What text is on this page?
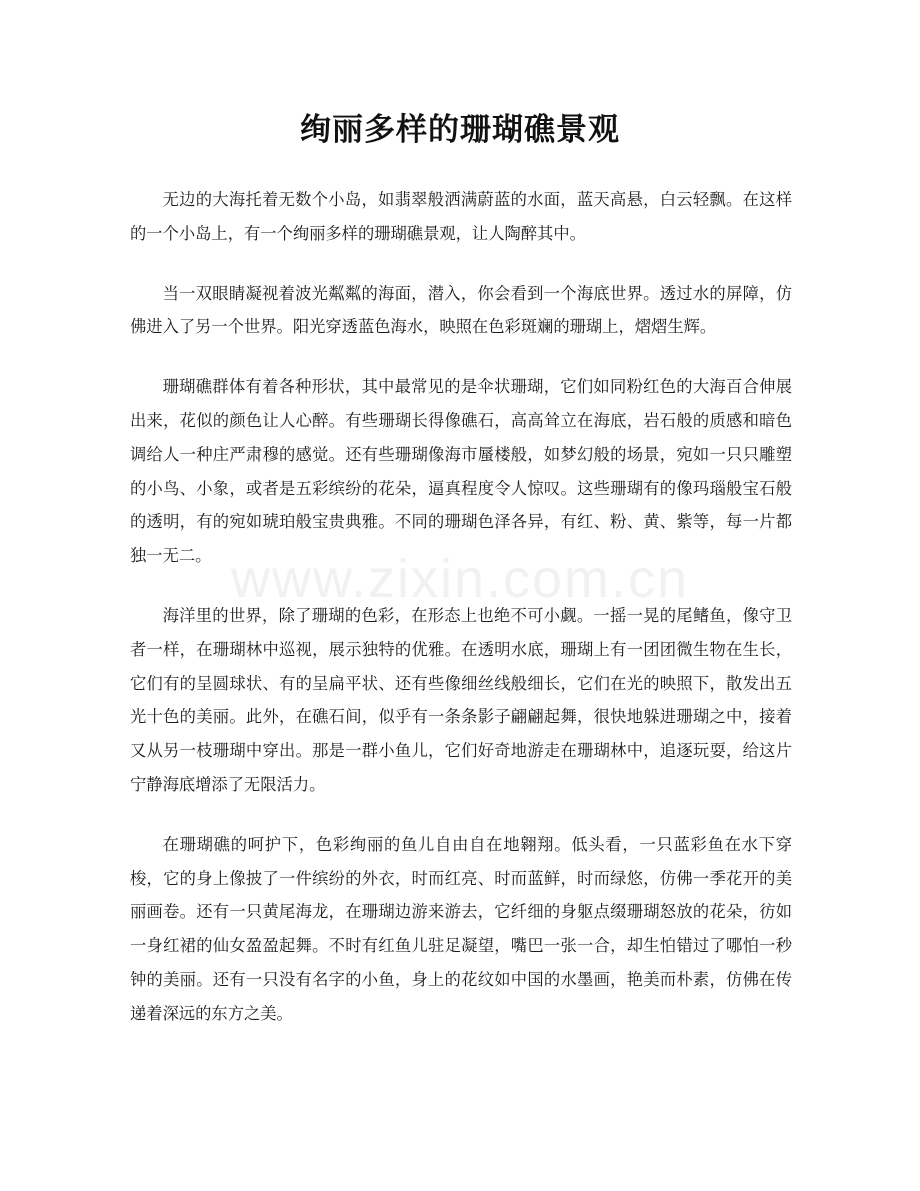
绚丽多样的珊瑚礁景观

无边的大海托着无数个小岛，如翡翠般洒满蔚蓝的水面，蓝天高悬，白云轻飘。在这样的一个小岛上，有一个绚丽多样的珊瑚礁景观，让人陶醉其中。

当一双眼睛凝视着波光粼粼的海面，潜入，你会看到一个海底世界。透过水的屏障，仿佛进入了另一个世界。阳光穿透蓝色海水，映照在色彩斑斓的珊瑚上，熠熠生辉。

珊瑚礁群体有着各种形状，其中最常见的是伞状珊瑚，它们如同粉红色的大海百合伸展出来，花似的颜色让人心醉。有些珊瑚长得像礁石，高高耸立在海底，岩石般的质感和暗色调给人一种庄严肃穆的感觉。还有些珊瑚像海市蜃楼般，如梦幻般的场景，宛如一只只雕塑的小鸟、小象，或者是五彩缤纷的花朵，逼真程度令人惊叹。这些珊瑚有的像玛瑙般宝石般的透明，有的宛如琥珀般宝贵典雅。不同的珊瑚色泽各异，有红、粉、黄、紫等，每一片都独一无二。

海洋里的世界，除了珊瑚的色彩，在形态上也绝不可小觑。一摇一晃的尾鳍鱼，像守卫者一样，在珊瑚林中巡视，展示独特的优雅。在透明水底，珊瑚上有一团团微生物在生长，它们有的呈圆球状、有的呈扁平状、还有些像细丝线般细长，它们在光的映照下，散发出五光十色的美丽。此外，在礁石间，似乎有一条条影子翩翩起舞，很快地躲进珊瑚之中，接着又从另一枝珊瑚中穿出。那是一群小鱼儿，它们好奇地游走在珊瑚林中，追逐玩耍，给这片宁静海底增添了无限活力。

在珊瑚礁的呵护下，色彩绚丽的鱼儿自由自在地翱翔。低头看，一只蓝彩鱼在水下穿梭，它的身上像披了一件缤纷的外衣，时而红亮、时而蓝鲜，时而绿悠，仿佛一季花开的美丽画卷。还有一只黄尾海龙，在珊瑚边游来游去，它纤细的身躯点缀珊瑚怒放的花朵，彷如一身红裙的仙女盈盈起舞。不时有红鱼儿驻足凝望，嘴巴一张一合，却生怕错过了哪怕一秒钟的美丽。还有一只没有名字的小鱼，身上的花纹如中国的水墨画，艳美而朴素，仿佛在传递着深远的东方之美。

www.zixin.com.cn
